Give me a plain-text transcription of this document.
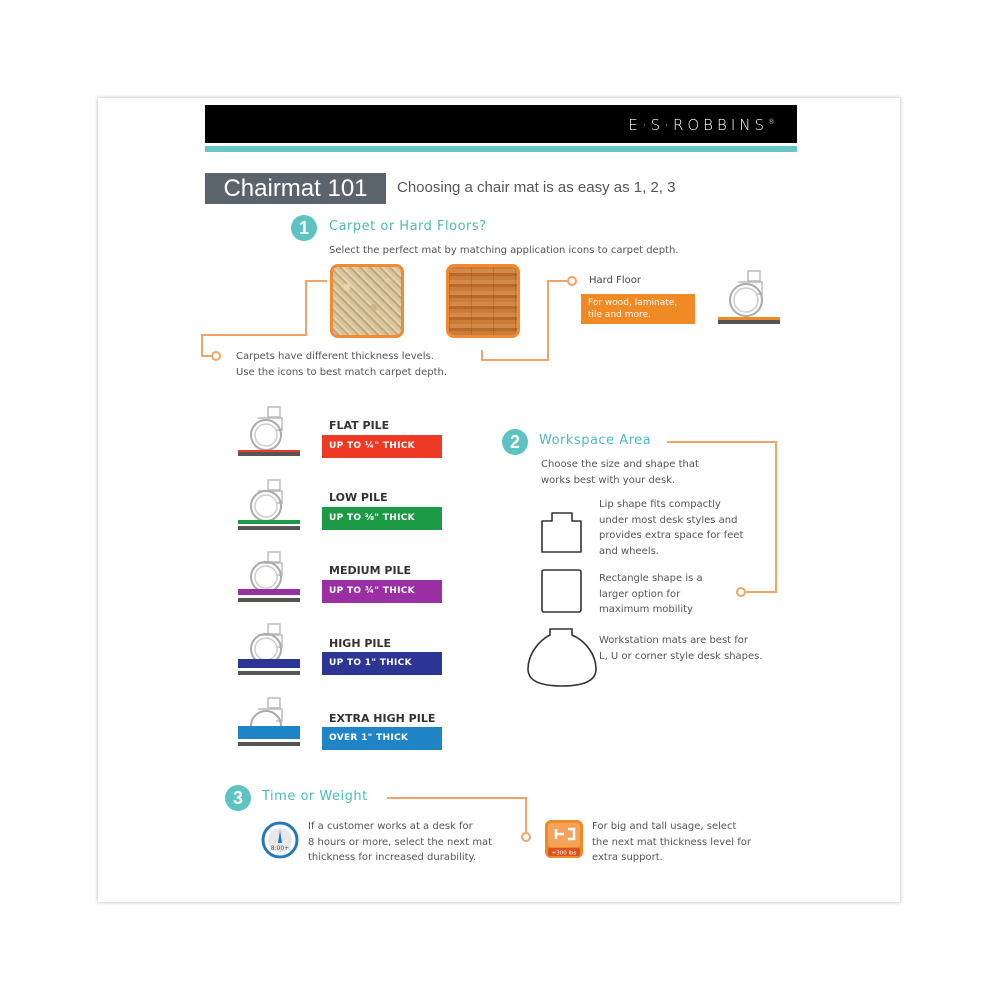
E·S·ROBBINS®
Chairmat 101	Choosing a chair mat is as easy as 1, 2, 3
1	Carpet or Hard Floors?
Select the perfect mat by matching application icons to carpet depth.
Carpets have different thickness levels.
Use the icons to best match carpet depth.
Hard Floor
For wood, laminate,
tile and more.
FLAT PILE
UP TO ¼" THICK
LOW PILE
UP TO ⅜" THICK
MEDIUM PILE
UP TO ¾" THICK
HIGH PILE
UP TO 1" THICK
EXTRA HIGH PILE
OVER 1" THICK
2	Workspace Area
Choose the size and shape that
works best with your desk.
Lip shape fits compactly
under most desk styles and
provides extra space for feet
and wheels.
Rectangle shape is a
larger option for
maximum mobility
Workstation mats are best for
L, U or corner style desk shapes.
3	Time or Weight
8:00+
If a customer works at a desk for
8 hours or more, select the next mat
thickness for increased durability.	+300 lbs
For big and tall usage, select
the next mat thickness level for
extra support.
